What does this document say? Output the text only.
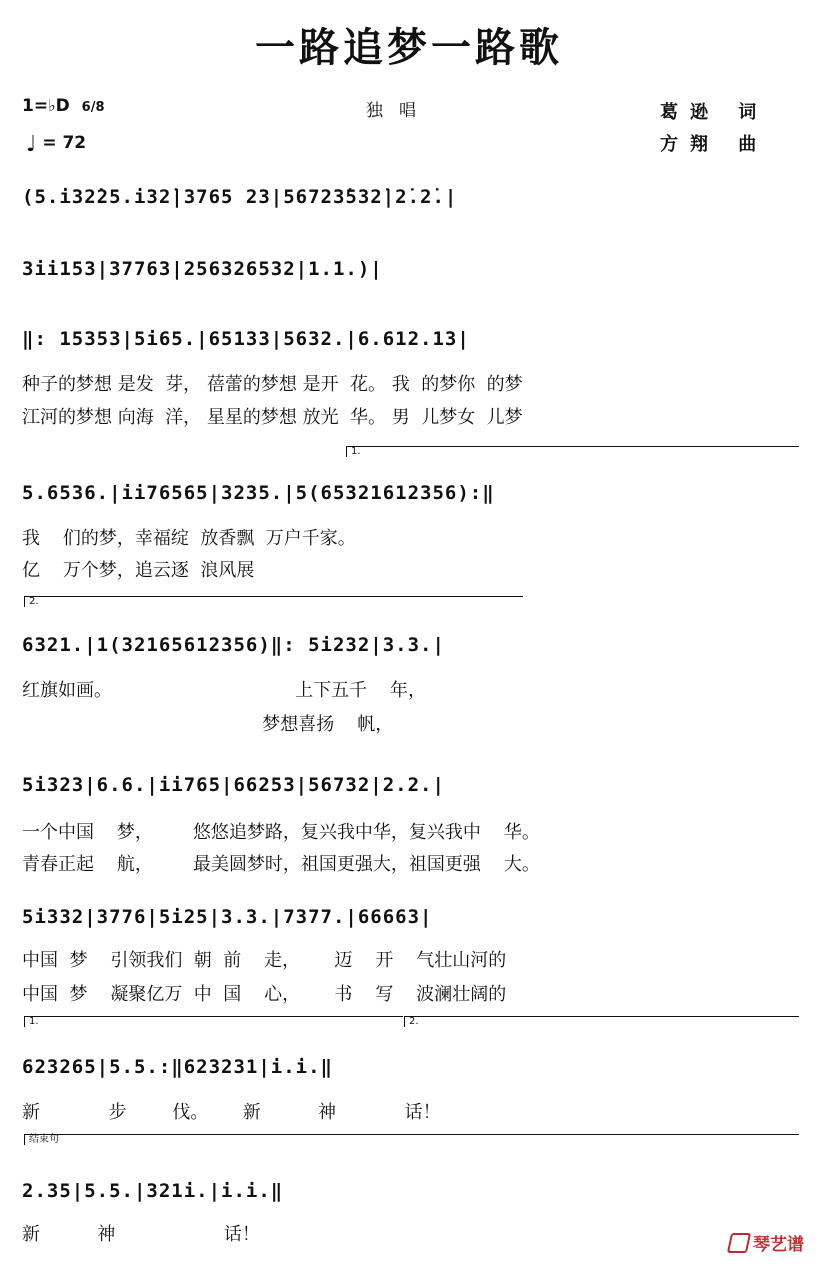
一路追梦一路歌
1=♭D 6/8
♩ = 72
独唱	葛逊 词
方翔 曲
(5.i32̇25.i32̇|3765 23|56723̇532̇|2̇.2̇.|
3ii153|37763|256326532|1.1.)|
‖: 15353|5i65.|65133|5632.|6.612.13|
种子的梦想 是发  芽， 蓓蕾的梦想 是开  花。 我  的梦你  的梦
江河的梦想 向海  洋， 星星的梦想 放光  华。 男  儿梦女  儿梦
1.
5.6536.|ii76565|3235.|5(65321612356):‖
我    们的梦，幸福绽  放香飘  万户千家。
亿    万个梦，追云逐  浪风展
2.
6321.|1(32165612356)‖: 5i232|3.3.|
红旗如画。                                上下五千    年，
梦想喜扬    帆，
5i323|6.6.|ii765|66253|56732|2.2.|
一个中国    梦，       悠悠追梦路，复兴我中华，复兴我中    华。
青春正起    航，       最美圆梦时，祖国更强大，祖国更强    大。
5i332|3776|5i25|3.3.|7377.|66663|
中国  梦    引领我们  朝  前    走，      迈    开    气壮山河的
中国  梦    凝聚亿万  中  国    心，      书    写    波澜壮阔的
1.	2.
623265|5.5.:‖623231|i.i.‖
新            步        伐。      新          神            话！
结束句
2.35|5.5.|321i.|i.i.‖
新          神                   话！	琴艺谱
